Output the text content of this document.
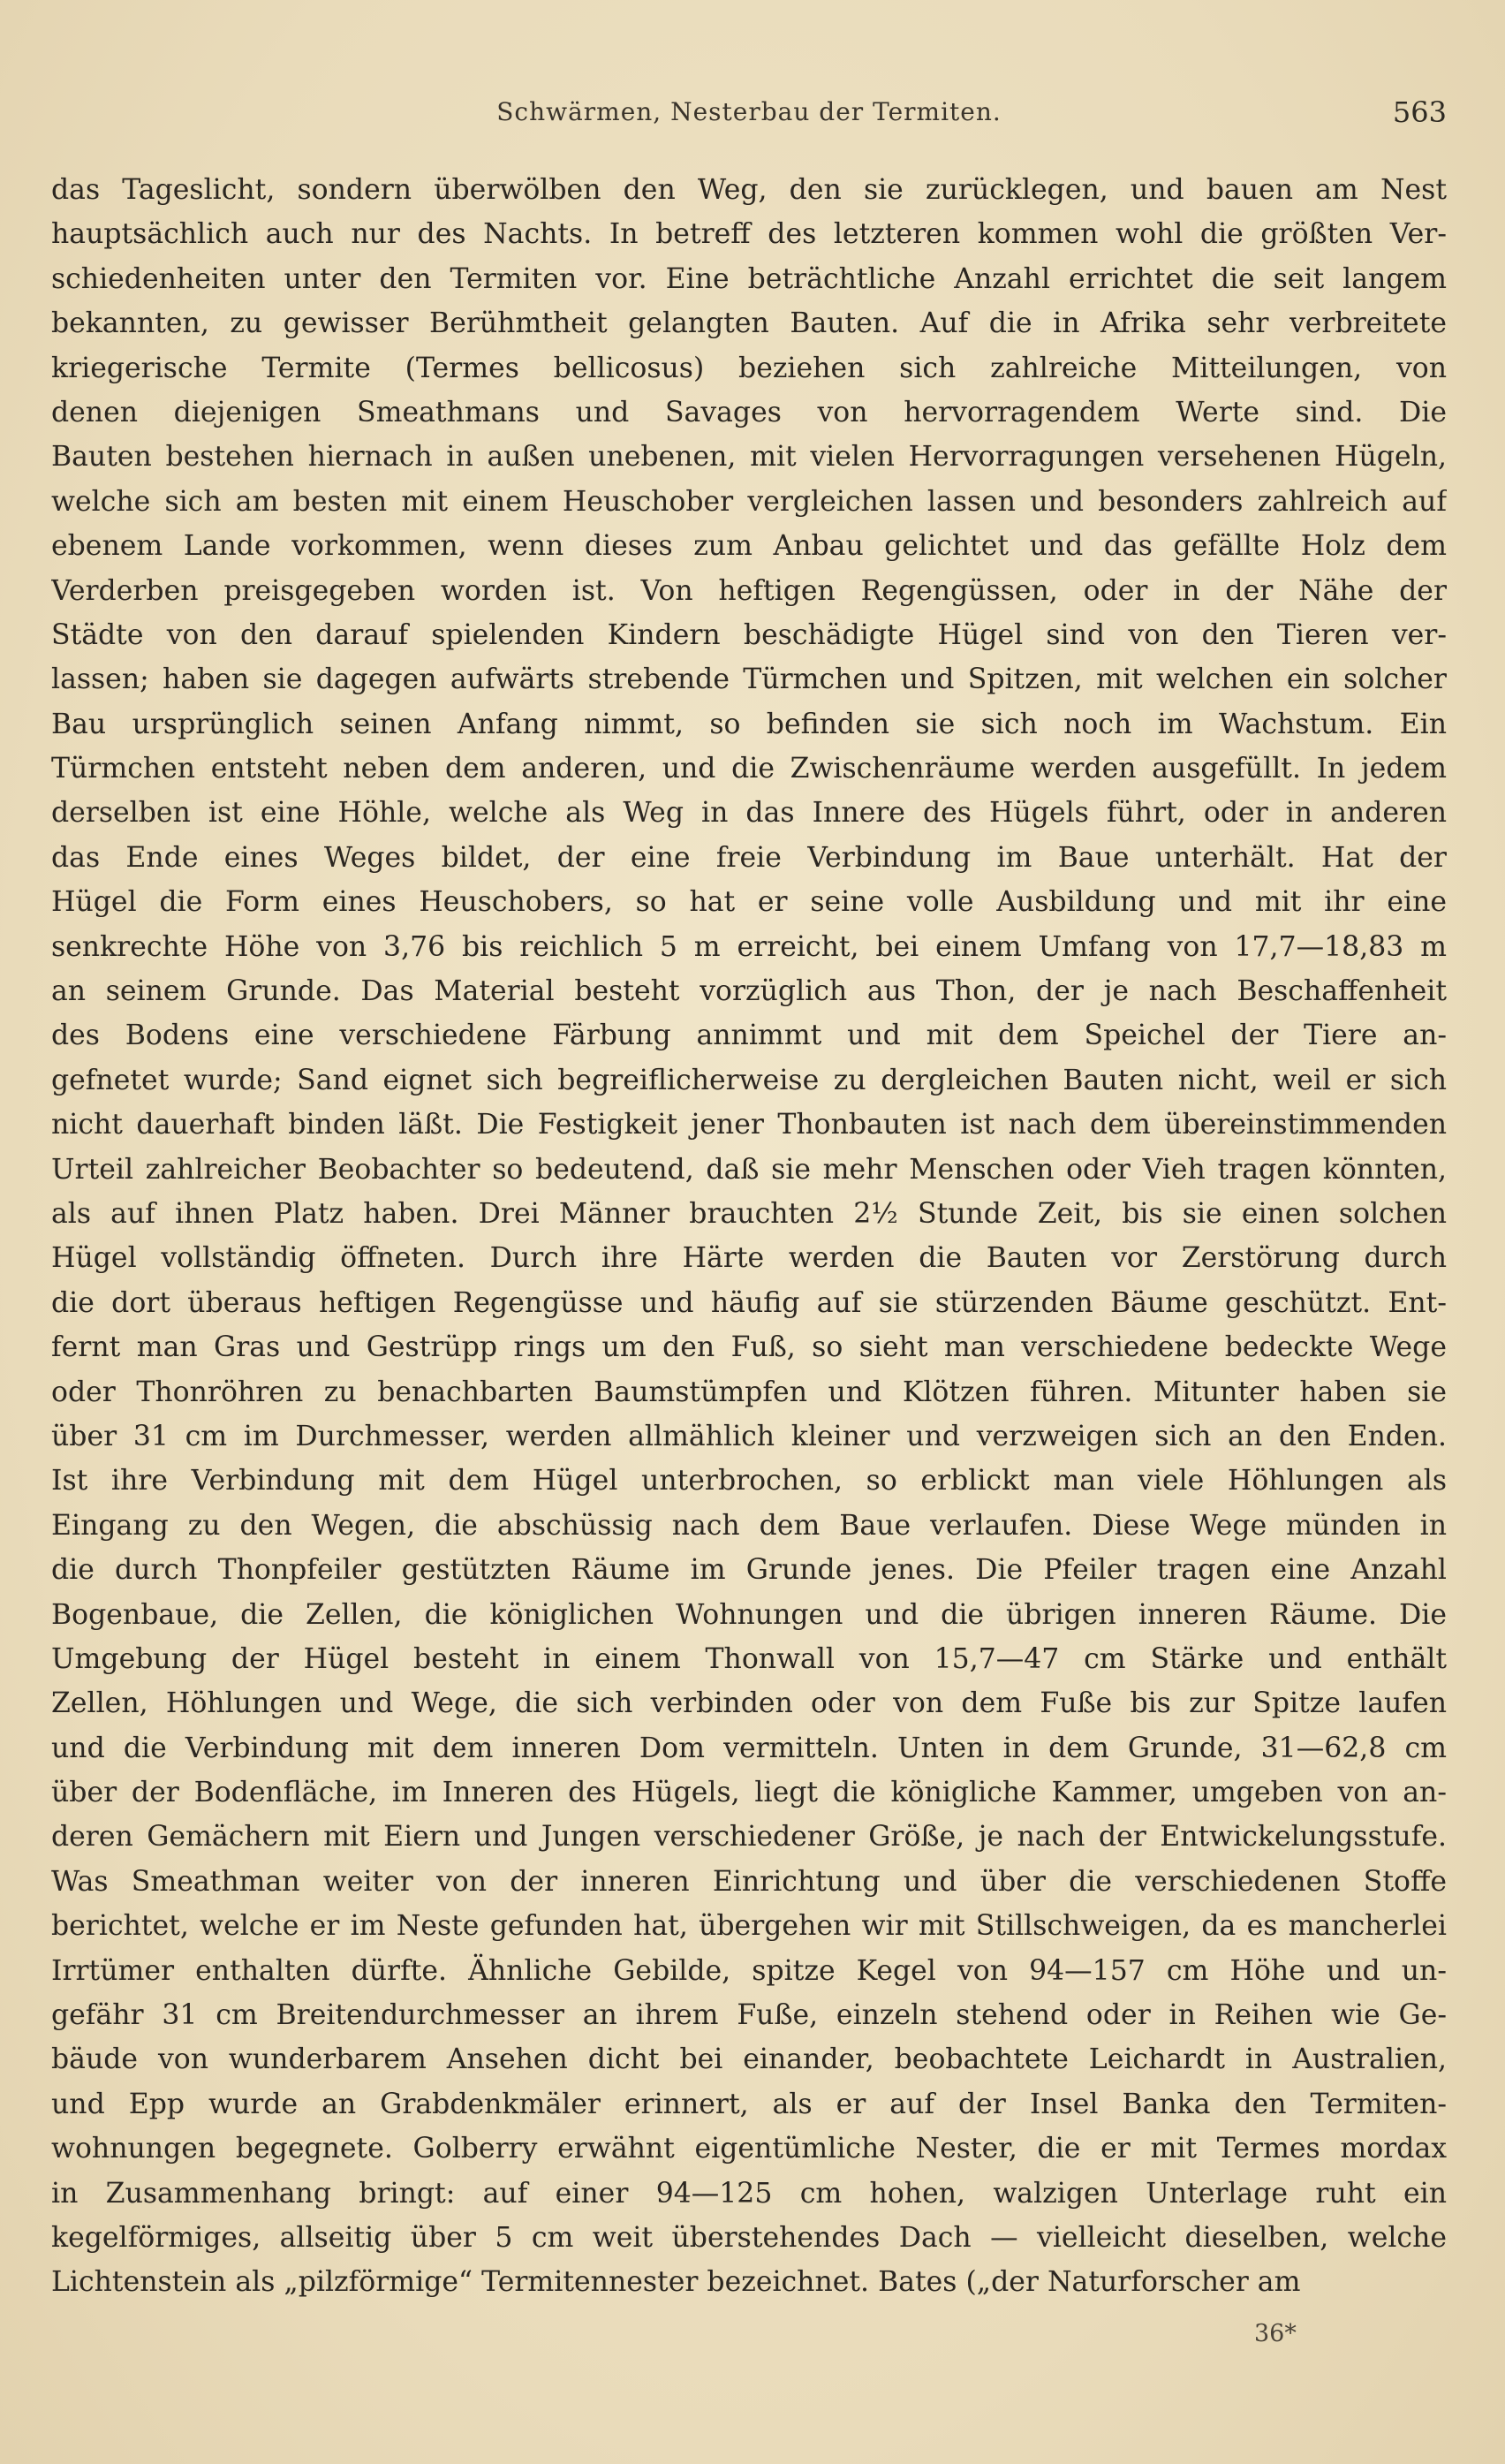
Schwärmen, Nesterbau der Termiten.	563
das Tageslicht, sondern überwölben den Weg, den sie zurücklegen, und bauen am Nest
hauptsächlich auch nur des Nachts. In betreff des letzteren kommen wohl die größten Ver-
schiedenheiten unter den Termiten vor. Eine beträchtliche Anzahl errichtet die seit langem
bekannten, zu gewisser Berühmtheit gelangten Bauten. Auf die in Afrika sehr verbreitete
kriegerische Termite (Termes bellicosus) beziehen sich zahlreiche Mitteilungen, von
denen diejenigen Smeathmans und Savages von hervorragendem Werte sind. Die
Bauten bestehen hiernach in außen unebenen, mit vielen Hervorragungen versehenen Hügeln,
welche sich am besten mit einem Heuschober vergleichen lassen und besonders zahlreich auf
ebenem Lande vorkommen, wenn dieses zum Anbau gelichtet und das gefällte Holz dem
Verderben preisgegeben worden ist. Von heftigen Regengüssen, oder in der Nähe der
Städte von den darauf spielenden Kindern beschädigte Hügel sind von den Tieren ver-
lassen; haben sie dagegen aufwärts strebende Türmchen und Spitzen, mit welchen ein solcher
Bau ursprünglich seinen Anfang nimmt, so befinden sie sich noch im Wachstum. Ein
Türmchen entsteht neben dem anderen, und die Zwischenräume werden ausgefüllt. In jedem
derselben ist eine Höhle, welche als Weg in das Innere des Hügels führt, oder in anderen
das Ende eines Weges bildet, der eine freie Verbindung im Baue unterhält. Hat der
Hügel die Form eines Heuschobers, so hat er seine volle Ausbildung und mit ihr eine
senkrechte Höhe von 3,76 bis reichlich 5 m erreicht, bei einem Umfang von 17,7—18,83 m
an seinem Grunde. Das Material besteht vorzüglich aus Thon, der je nach Beschaffenheit
des Bodens eine verschiedene Färbung annimmt und mit dem Speichel der Tiere an-
gefnetet wurde; Sand eignet sich begreiflicherweise zu dergleichen Bauten nicht, weil er sich
nicht dauerhaft binden läßt. Die Festigkeit jener Thonbauten ist nach dem übereinstimmenden
Urteil zahlreicher Beobachter so bedeutend, daß sie mehr Menschen oder Vieh tragen könnten,
als auf ihnen Platz haben. Drei Männer brauchten 2½ Stunde Zeit, bis sie einen solchen
Hügel vollständig öffneten. Durch ihre Härte werden die Bauten vor Zerstörung durch
die dort überaus heftigen Regengüsse und häufig auf sie stürzenden Bäume geschützt. Ent-
fernt man Gras und Gestrüpp rings um den Fuß, so sieht man verschiedene bedeckte Wege
oder Thonröhren zu benachbarten Baumstümpfen und Klötzen führen. Mitunter haben sie
über 31 cm im Durchmesser, werden allmählich kleiner und verzweigen sich an den Enden.
Ist ihre Verbindung mit dem Hügel unterbrochen, so erblickt man viele Höhlungen als
Eingang zu den Wegen, die abschüssig nach dem Baue verlaufen. Diese Wege münden in
die durch Thonpfeiler gestützten Räume im Grunde jenes. Die Pfeiler tragen eine Anzahl
Bogenbaue, die Zellen, die königlichen Wohnungen und die übrigen inneren Räume. Die
Umgebung der Hügel besteht in einem Thonwall von 15,7—47 cm Stärke und enthält
Zellen, Höhlungen und Wege, die sich verbinden oder von dem Fuße bis zur Spitze laufen
und die Verbindung mit dem inneren Dom vermitteln. Unten in dem Grunde, 31—62,8 cm
über der Bodenfläche, im Inneren des Hügels, liegt die königliche Kammer, umgeben von an-
deren Gemächern mit Eiern und Jungen verschiedener Größe, je nach der Entwickelungsstufe.
Was Smeathman weiter von der inneren Einrichtung und über die verschiedenen Stoffe
berichtet, welche er im Neste gefunden hat, übergehen wir mit Stillschweigen, da es mancherlei
Irrtümer enthalten dürfte. Ähnliche Gebilde, spitze Kegel von 94—157 cm Höhe und un-
gefähr 31 cm Breitendurchmesser an ihrem Fuße, einzeln stehend oder in Reihen wie Ge-
bäude von wunderbarem Ansehen dicht bei einander, beobachtete Leichardt in Australien,
und Epp wurde an Grabdenkmäler erinnert, als er auf der Insel Banka den Termiten-
wohnungen begegnete. Golberry erwähnt eigentümliche Nester, die er mit Termes mordax
in Zusammenhang bringt: auf einer 94—125 cm hohen, walzigen Unterlage ruht ein
kegelförmiges, allseitig über 5 cm weit überstehendes Dach — vielleicht dieselben, welche
Lichtenstein als „pilzförmige“ Termitennester bezeichnet. Bates („der Naturforscher am
36*
